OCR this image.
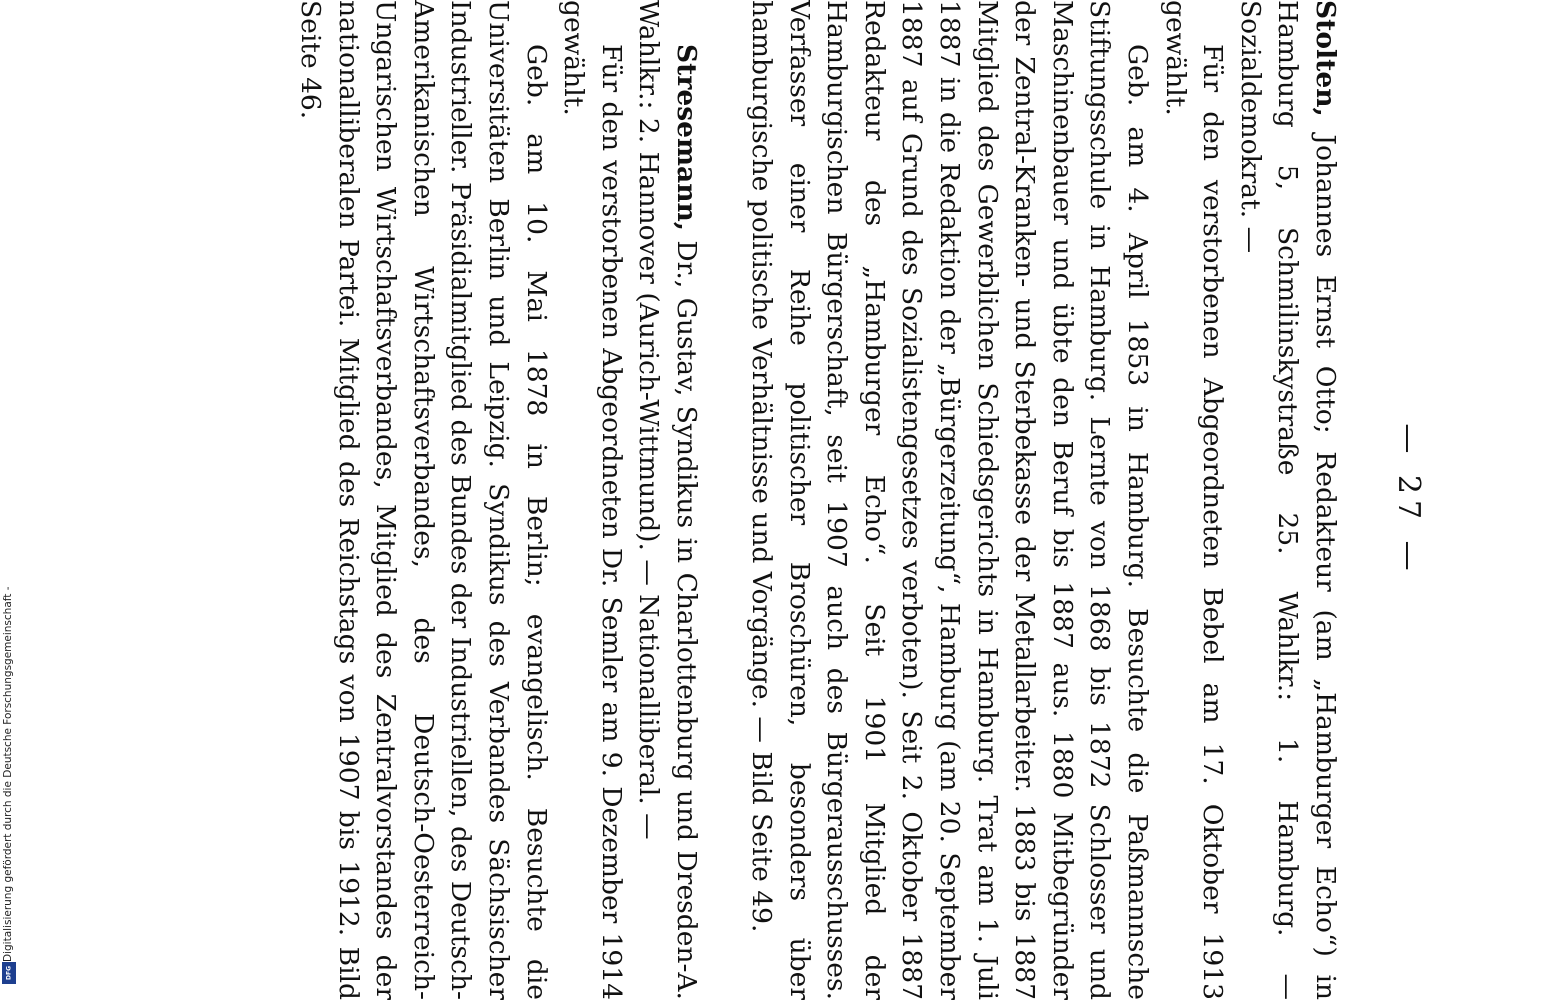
— 27 —

Stolten, Johannes Ernst Otto; Redakteur (am „Hamburger Echo“) in Hamburg 5, Schmilinskystraße 25. Wahlkr.: 1. Hamburg. — Sozialdemokrat. —

Für den verstorbenen Abgeordneten Bebel am 17. Oktober 1913 gewählt.

Geb. am 4. April 1853 in Hamburg. Besuchte die Paßmannsche Stiftungsschule in Hamburg. Lernte von 1868 bis 1872 Schlosser und Maschinenbauer und übte den Beruf bis 1887 aus. 1880 Mitbegründer der Zentral-Kranken- und Sterbekasse der Metallarbeiter. 1883 bis 1887 Mitglied des Gewerblichen Schiedsgerichts in Hamburg. Trat am 1. Juli 1887 in die Redaktion der „Bürgerzeitung“, Hamburg (am 20. September 1887 auf Grund des Sozialistengesetzes verboten). Seit 2. Oktober 1887 Redakteur des „Hamburger Echo“. Seit 1901 Mitglied der Hamburgischen Bürgerschaft, seit 1907 auch des Bürgerausschusses. Verfasser einer Reihe politischer Broschüren, besonders über hamburgische politische Verhältnisse und Vorgänge. — Bild Seite 49.

Stresemann, Dr., Gustav, Syndikus in Charlottenburg und Dresden-A. Wahlkr.: 2. Hannover (Aurich-Wittmund). — Nationalliberal. —

Für den verstorbenen Abgeordneten Dr. Semler am 9. Dezember 1914 gewählt.

Geb. am 10. Mai 1878 in Berlin; evangelisch. Besuchte die Universitäten Berlin und Leipzig. Syndikus des Verbandes Sächsischer Industrieller. Präsidialmitglied des Bundes der Industriellen, des Deutsch-Amerikanischen Wirtschaftsverbandes, des Deutsch-Oesterreich-Ungarischen Wirtschaftsverbandes, Mitglied des Zentralvorstandes der nationalliberalen Partei. Mitglied des Reichstags von 1907 bis 1912. Bild Seite 46.

Digitalisierung gefördert durch die Deutsche Forschungsgemeinschaft -
DFG
